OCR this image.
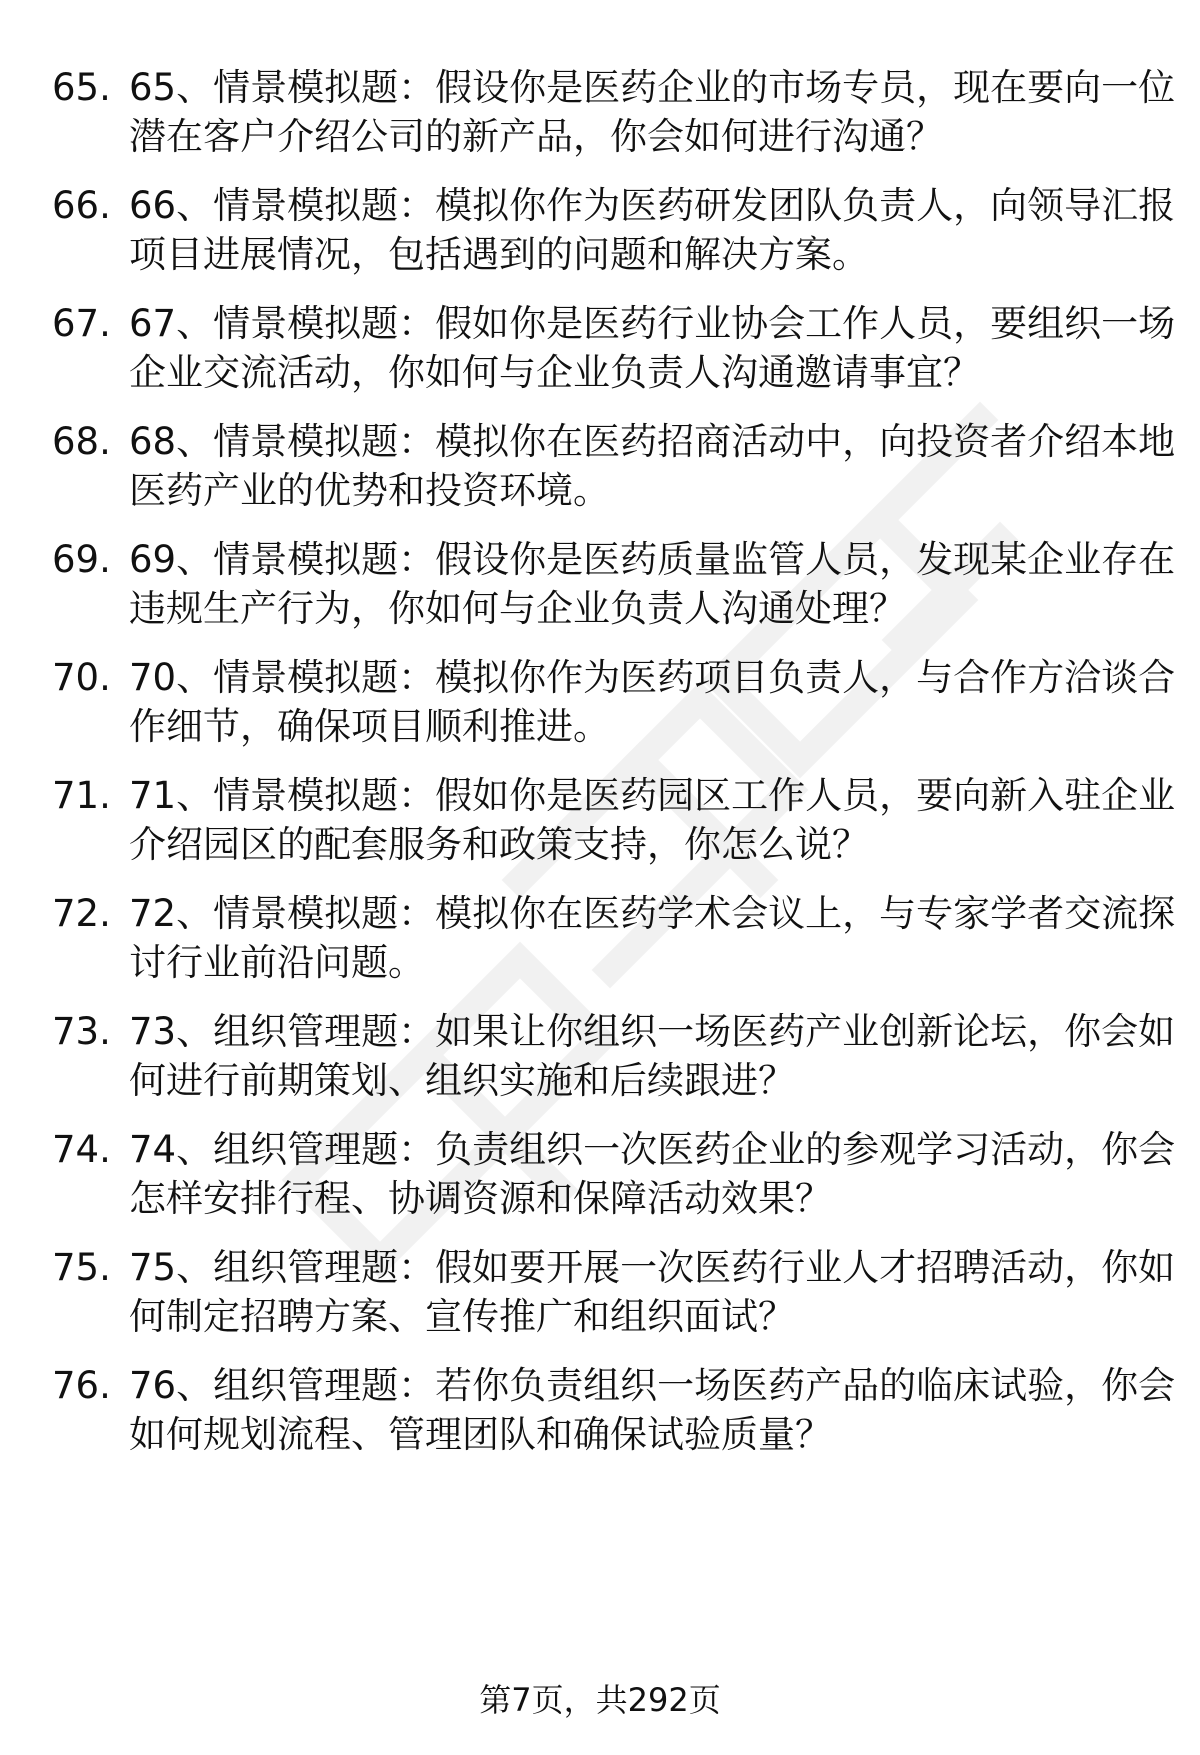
65. 65、情景模拟题：假设你是医药企业的市场专员，现在要向一位
潜在客户介绍公司的新产品，你会如何进行沟通？
66. 66、情景模拟题：模拟你作为医药研发团队负责人，向领导汇报
项目进展情况，包括遇到的问题和解决方案。
67. 67、情景模拟题：假如你是医药行业协会工作人员，要组织一场
企业交流活动，你如何与企业负责人沟通邀请事宜？
68. 68、情景模拟题：模拟你在医药招商活动中，向投资者介绍本地
医药产业的优势和投资环境。
69. 69、情景模拟题：假设你是医药质量监管人员，发现某企业存在
违规生产行为，你如何与企业负责人沟通处理？
70. 70、情景模拟题：模拟你作为医药项目负责人，与合作方洽谈合
作细节，确保项目顺利推进。
71. 71、情景模拟题：假如你是医药园区工作人员，要向新入驻企业
介绍园区的配套服务和政策支持，你怎么说？
72. 72、情景模拟题：模拟你在医药学术会议上，与专家学者交流探
讨行业前沿问题。
73. 73、组织管理题：如果让你组织一场医药产业创新论坛，你会如
何进行前期策划、组织实施和后续跟进？
74. 74、组织管理题：负责组织一次医药企业的参观学习活动，你会
怎样安排行程、协调资源和保障活动效果？
75. 75、组织管理题：假如要开展一次医药行业人才招聘活动，你如
何制定招聘方案、宣传推广和组织面试？
76. 76、组织管理题：若你负责组织一场医药产品的临床试验，你会
如何规划流程、管理团队和确保试验质量？
第7页，共292页
